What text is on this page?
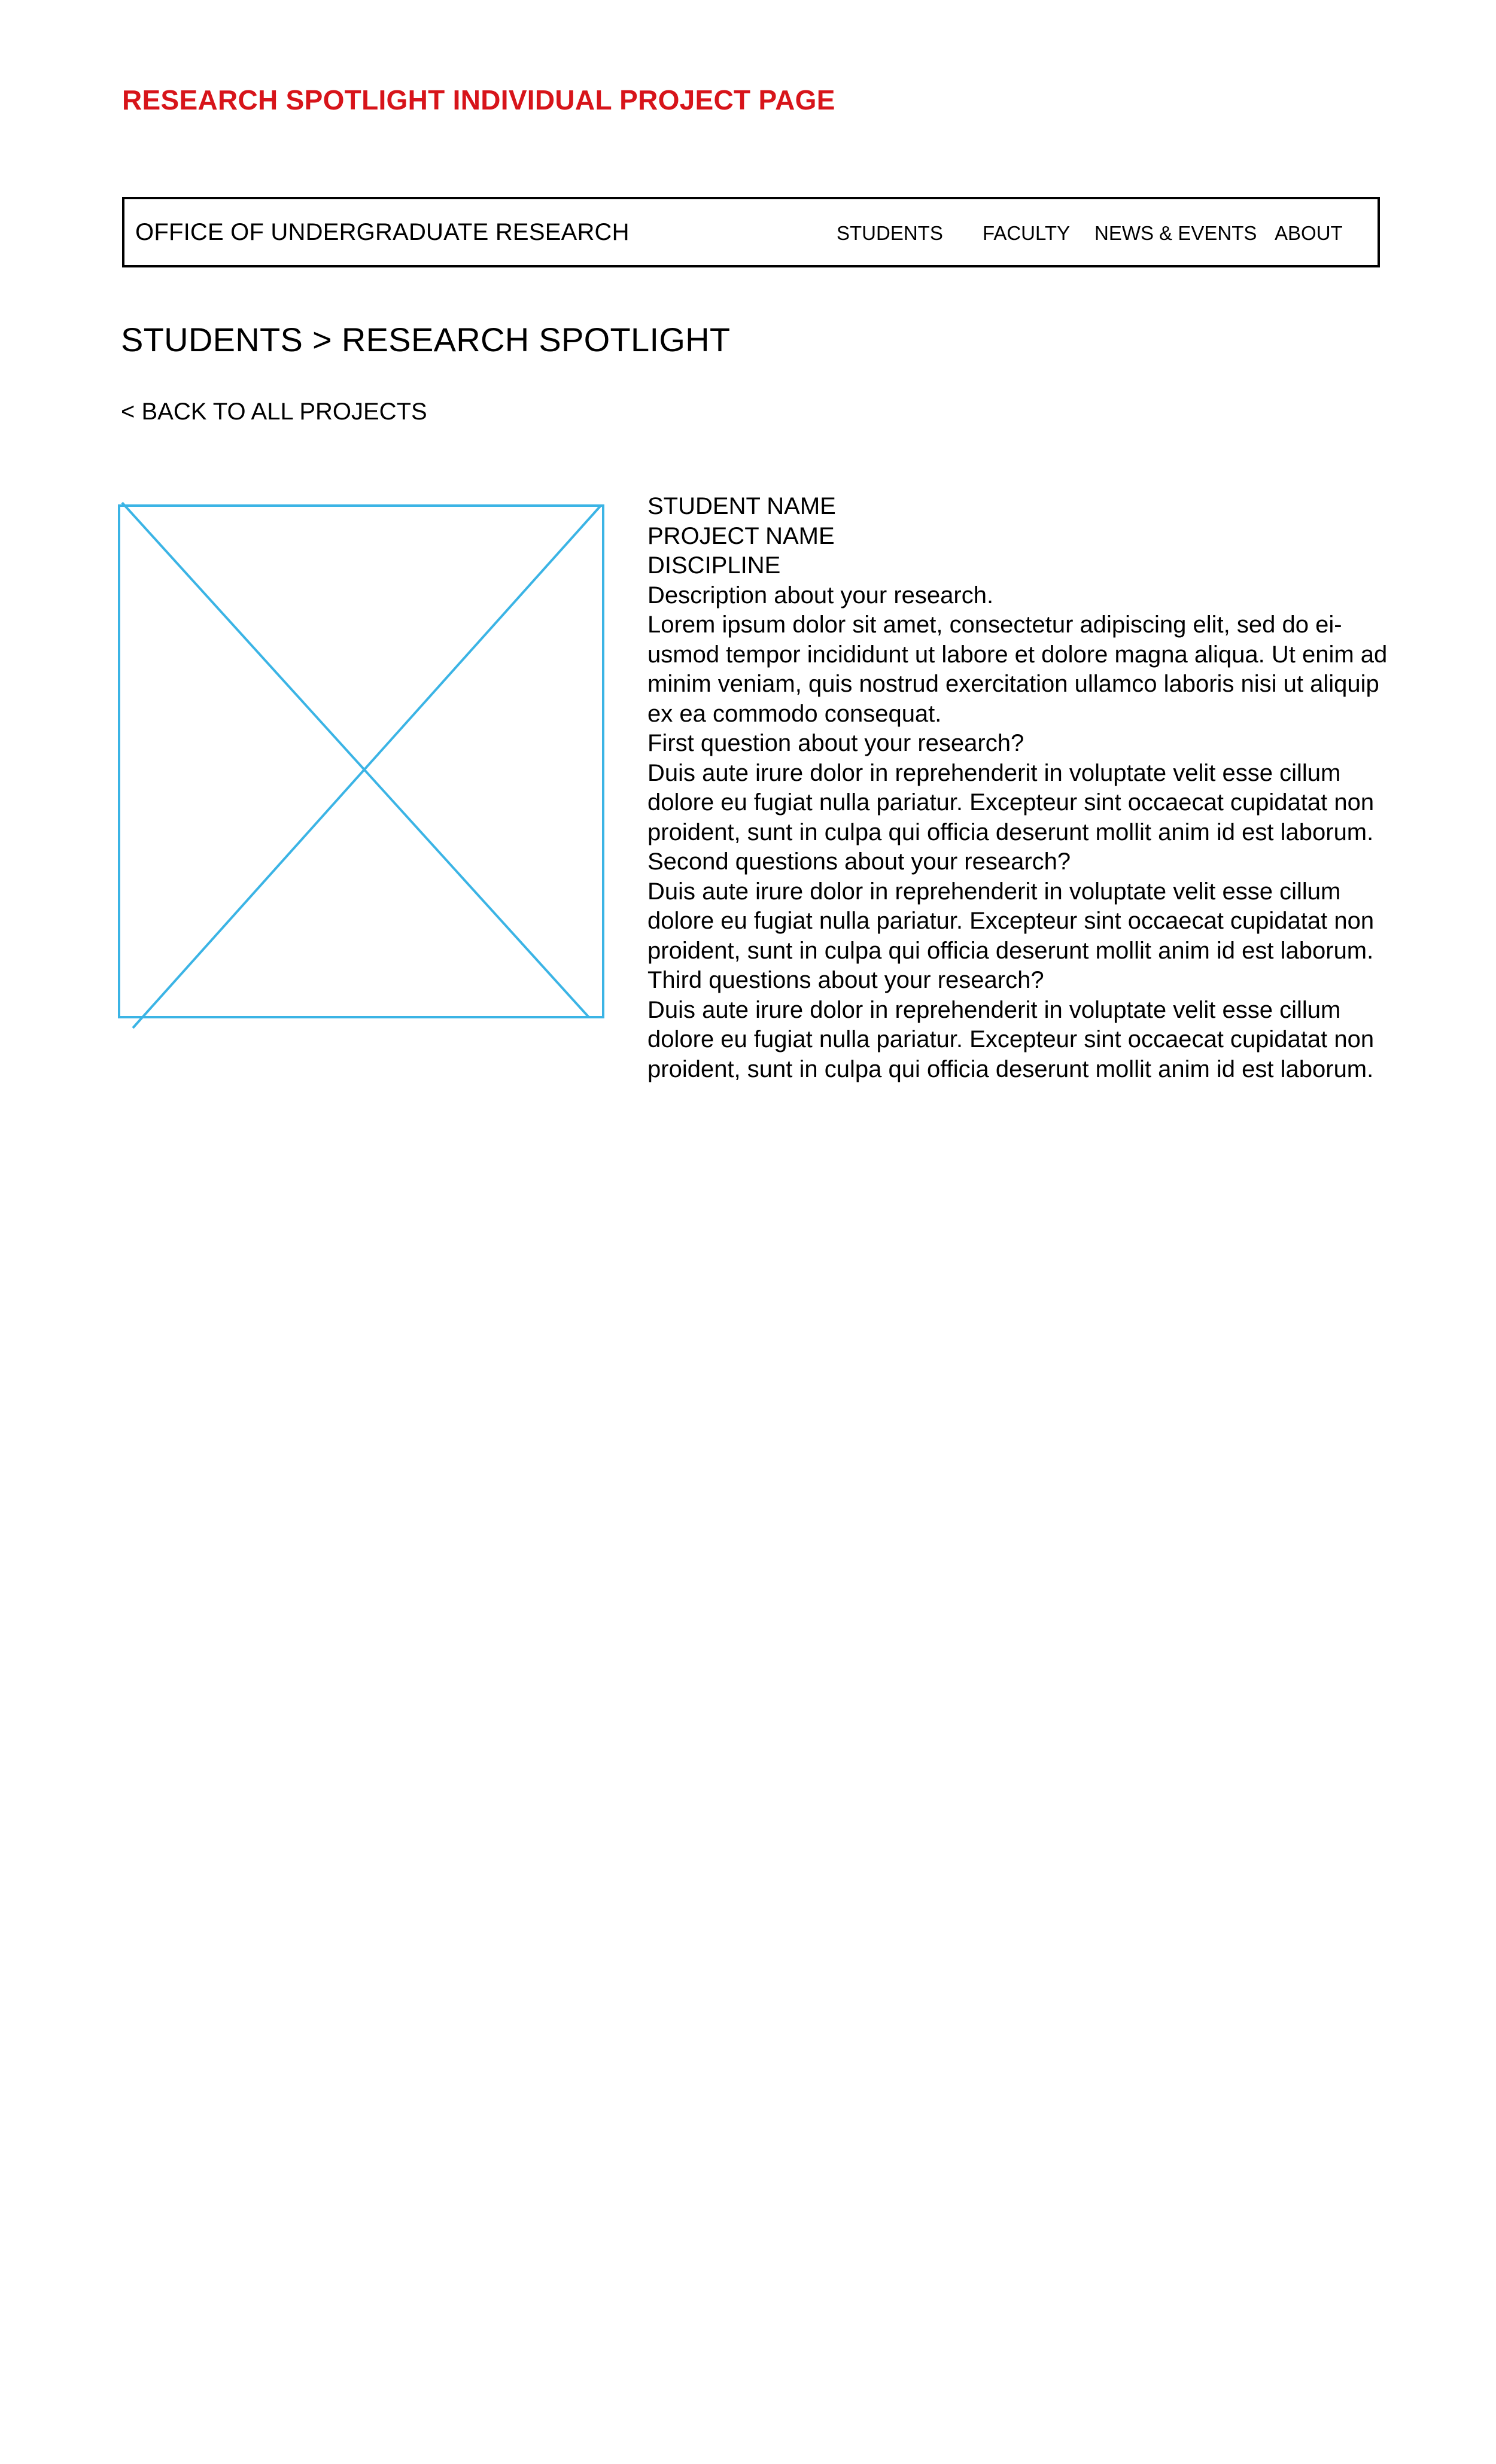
RESEARCH SPOTLIGHT INDIVIDUAL PROJECT PAGE
OFFICE OF UNDERGRADUATE RESEARCH	STUDENTS FACULTY NEWS & EVENTS ABOUT
STUDENTS > RESEARCH SPOTLIGHT
< BACK TO ALL PROJECTS

STUDENT NAME
PROJECT NAME
DISCIPLINE

Description about your research.
Lorem ipsum dolor sit amet, consectetur adipiscing elit, sed do ei-usmod tempor incididunt ut labore et dolore magna aliqua. Ut enim ad minim veniam, quis nostrud exercitation ullamco laboris nisi ut aliquip ex ea commodo consequat.

First question about your research?
Duis aute irure dolor in reprehenderit in voluptate velit esse cillum dolore eu fugiat nulla pariatur. Excepteur sint occaecat cupidatat non proident, sunt in culpa qui officia deserunt mollit anim id est laborum.

Second questions about your research?
Duis aute irure dolor in reprehenderit in voluptate velit esse cillum dolore eu fugiat nulla pariatur. Excepteur sint occaecat cupidatat non proident, sunt in culpa qui officia deserunt mollit anim id est laborum.

Third questions about your research?
Duis aute irure dolor in reprehenderit in voluptate velit esse cillum dolore eu fugiat nulla pariatur. Excepteur sint occaecat cupidatat non proident, sunt in culpa qui officia deserunt mollit anim id est laborum.
